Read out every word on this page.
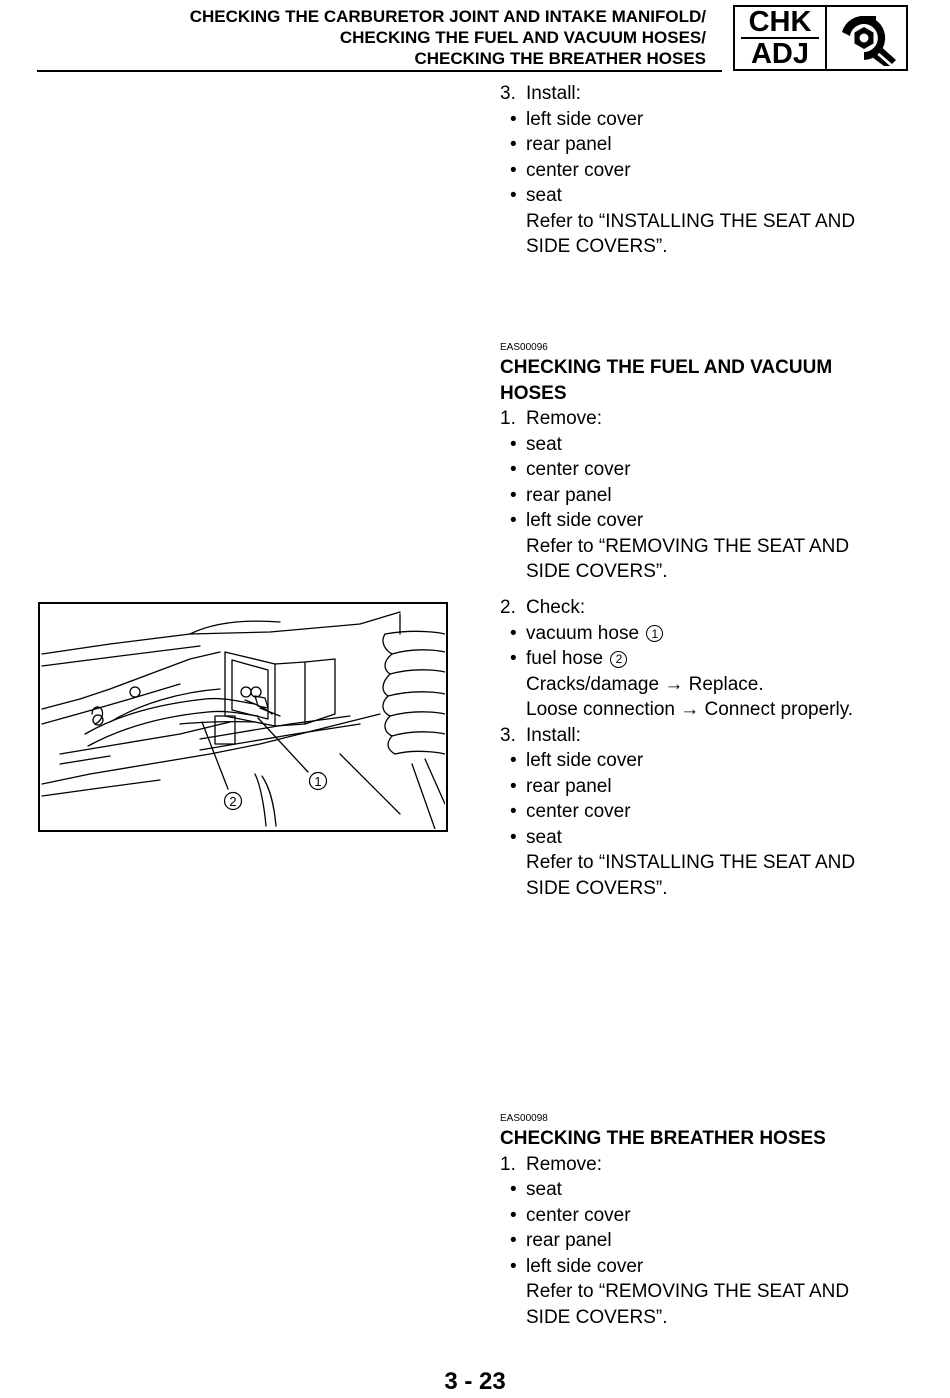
CHECKING THE CARBURETOR JOINT AND INTAKE MANIFOLD/
CHECKING THE FUEL AND VACUUM HOSES/
CHECKING THE BREATHER HOSES
CHK
ADJ
3. Install:
• left side cover
• rear panel
• center cover
• seat
Refer to “INSTALLING THE SEAT AND
SIDE COVERS”.
EAS00096
CHECKING THE FUEL AND VACUUM
HOSES
1. Remove:
• seat
• center cover
• rear panel
• left side cover
Refer to “REMOVING THE SEAT AND
SIDE COVERS”.
2. Check:
• vacuum hose 1
• fuel hose 2
Cracks/damage → Replace.
Loose connection → Connect properly.
3. Install:
• left side cover
• rear panel
• center cover
• seat
Refer to “INSTALLING THE SEAT AND
SIDE COVERS”.
1
2
EAS00098
CHECKING THE BREATHER HOSES
1. Remove:
• seat
• center cover
• rear panel
• left side cover
Refer to “REMOVING THE SEAT AND
SIDE COVERS”.
3 - 23
